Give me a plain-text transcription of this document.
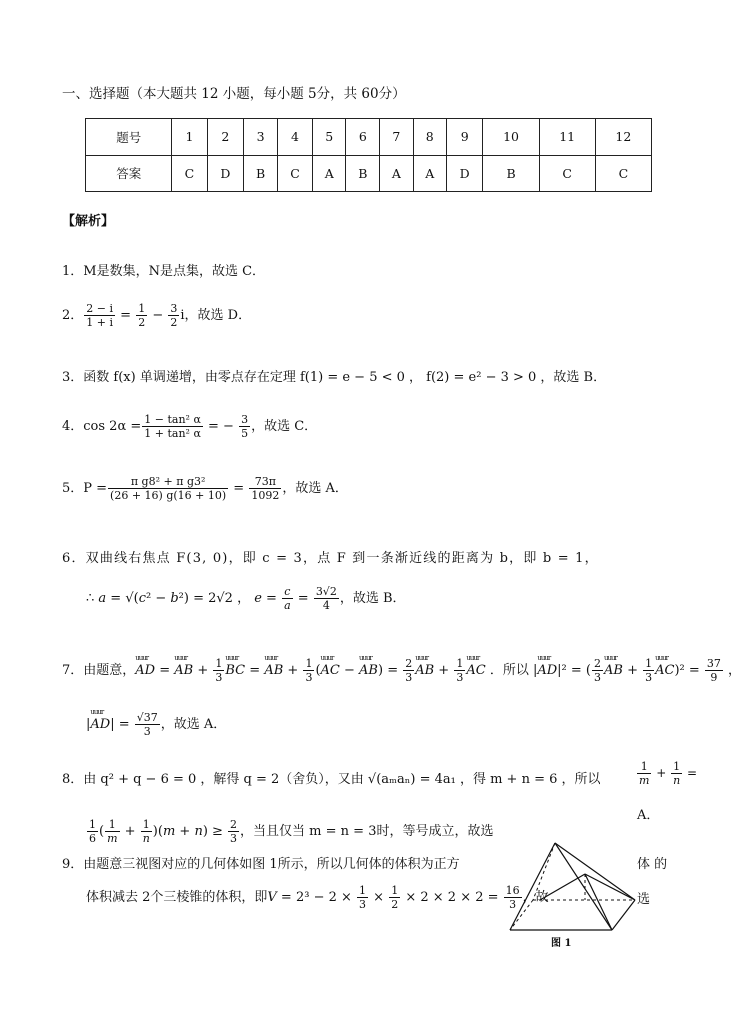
一、选择题（本大题共 12 小题，每小题 5分，共 60分）
题号	1	2	3	4	5	6	7	8	9	10	11	12
答案	C	D	B	C	A	B	A	A	D	B	C	C
【解析】
1．M是数集，N是点集，故选 C．
2． $\frac{2 - i}{1 + i} = \frac{1}{2} - \frac{3}{2}$ i，故选 D．
3．函数 f(x) 单调递增，由零点存在定理 f(1) = e − 5 < 0 ， f(2) = e² − 3 > 0 ，故选 B．
4．$\cos 2\alpha = \frac{\text{1 − tan² α}}{\text{1 + tan² α}}$ = − $\frac{3}{5}$ ，故选 C．
5．$P = \frac{\text{π g8² + π g3²}}{(26 + 16) g(16 + 10)} = \frac{73\pi}{1092}$ ，故选 A．
6．双曲线右焦点 F(3, 0)，即 c = 3，点 F 到一条渐近线的距离为 b，即 b = 1，
∴ a = √(c² − b²) = 2√2 ， $e = \frac{c}{a} = \frac{3√2}{4}$ ，故选 B．
7．由题意，uuur AD = uuur AB + $\frac{1}{3}$ uuur BC = uuur AB + $\frac{1}{3}$ (uuur AC − uuur $AB) = \frac{2}{3}$ uuur AB + $\frac{1}{3}$ uuur AC ．所以 |uuur AD|² = ( $\frac{2}{3}$ uuur AB + $\frac{1}{3}$ uuur $AC)^2 = \frac{37}{9}$ ，
|uuur $AD| = \frac{√37}{3}$ ，故选 A．
8．由 q² + q − 6 = 0 ，解得 q = 2（舍负），又由 √(aₘaₙ) = 4a₁ ，得 m + n = 6 ，所以	$\frac{1}{m} + \frac{1}{n}$ =
$\frac{1}{6}$ ( $\frac{1}{m} + \frac{1}{n} )(m + n) \ge \frac{2}{3}$ ，当且仅当 m = n = 3时，等号成立，故选
A．
9．由题意三视图对应的几何体如图 1所示，所以几何体的体积为正方	体 的
体积减去 2个三棱锥的体积，即$V = 2^3 - 2 \times \frac{1}{3} \times \frac{1}{2} \times 2 \times 2 \times 2 = \frac{16}{3}$ ，故	选
图 1
